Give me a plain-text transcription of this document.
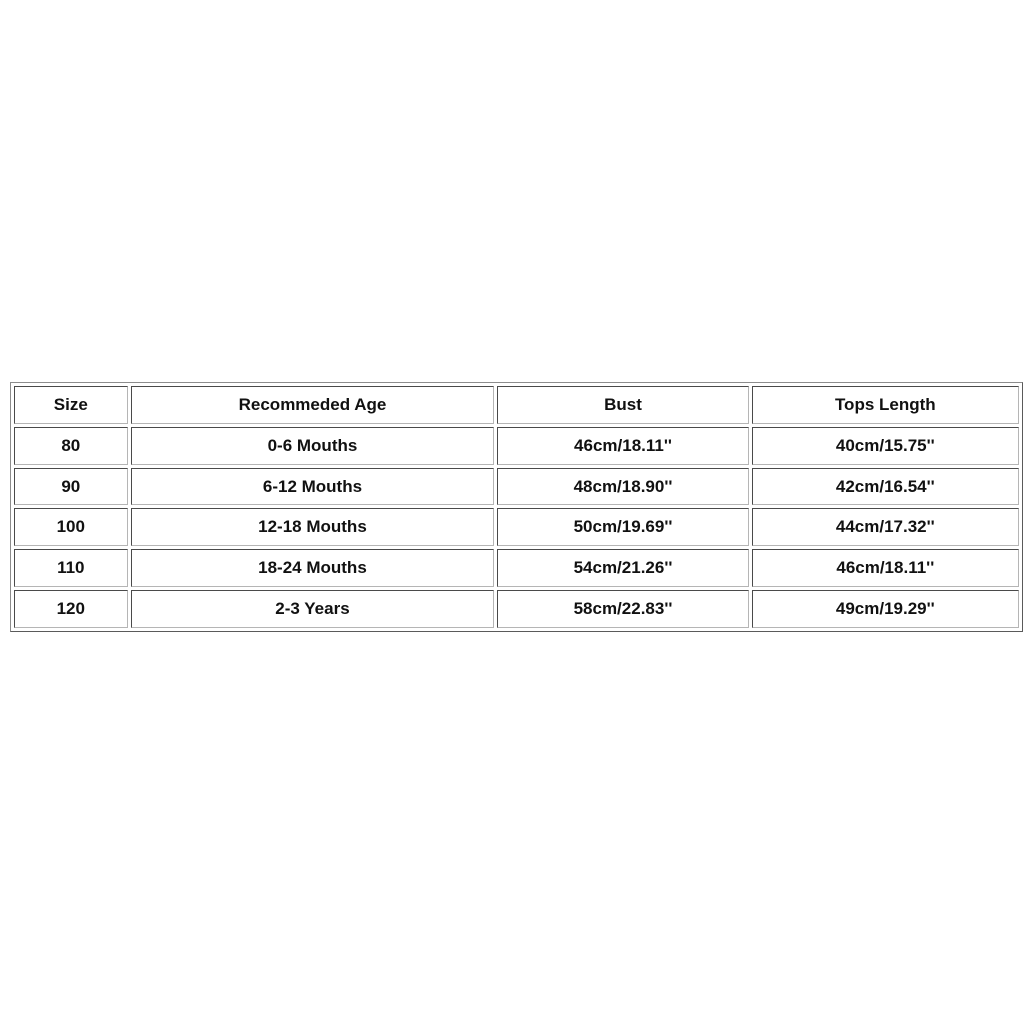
Size	Recommeded Age	Bust	Tops Length
80	0-6 Mouths	46cm/18.11''	40cm/15.75''
90	6-12 Mouths	48cm/18.90''	42cm/16.54''
100	12-18 Mouths	50cm/19.69''	44cm/17.32''
110	18-24 Mouths	54cm/21.26''	46cm/18.11''
120	2-3 Years	58cm/22.83''	49cm/19.29''
